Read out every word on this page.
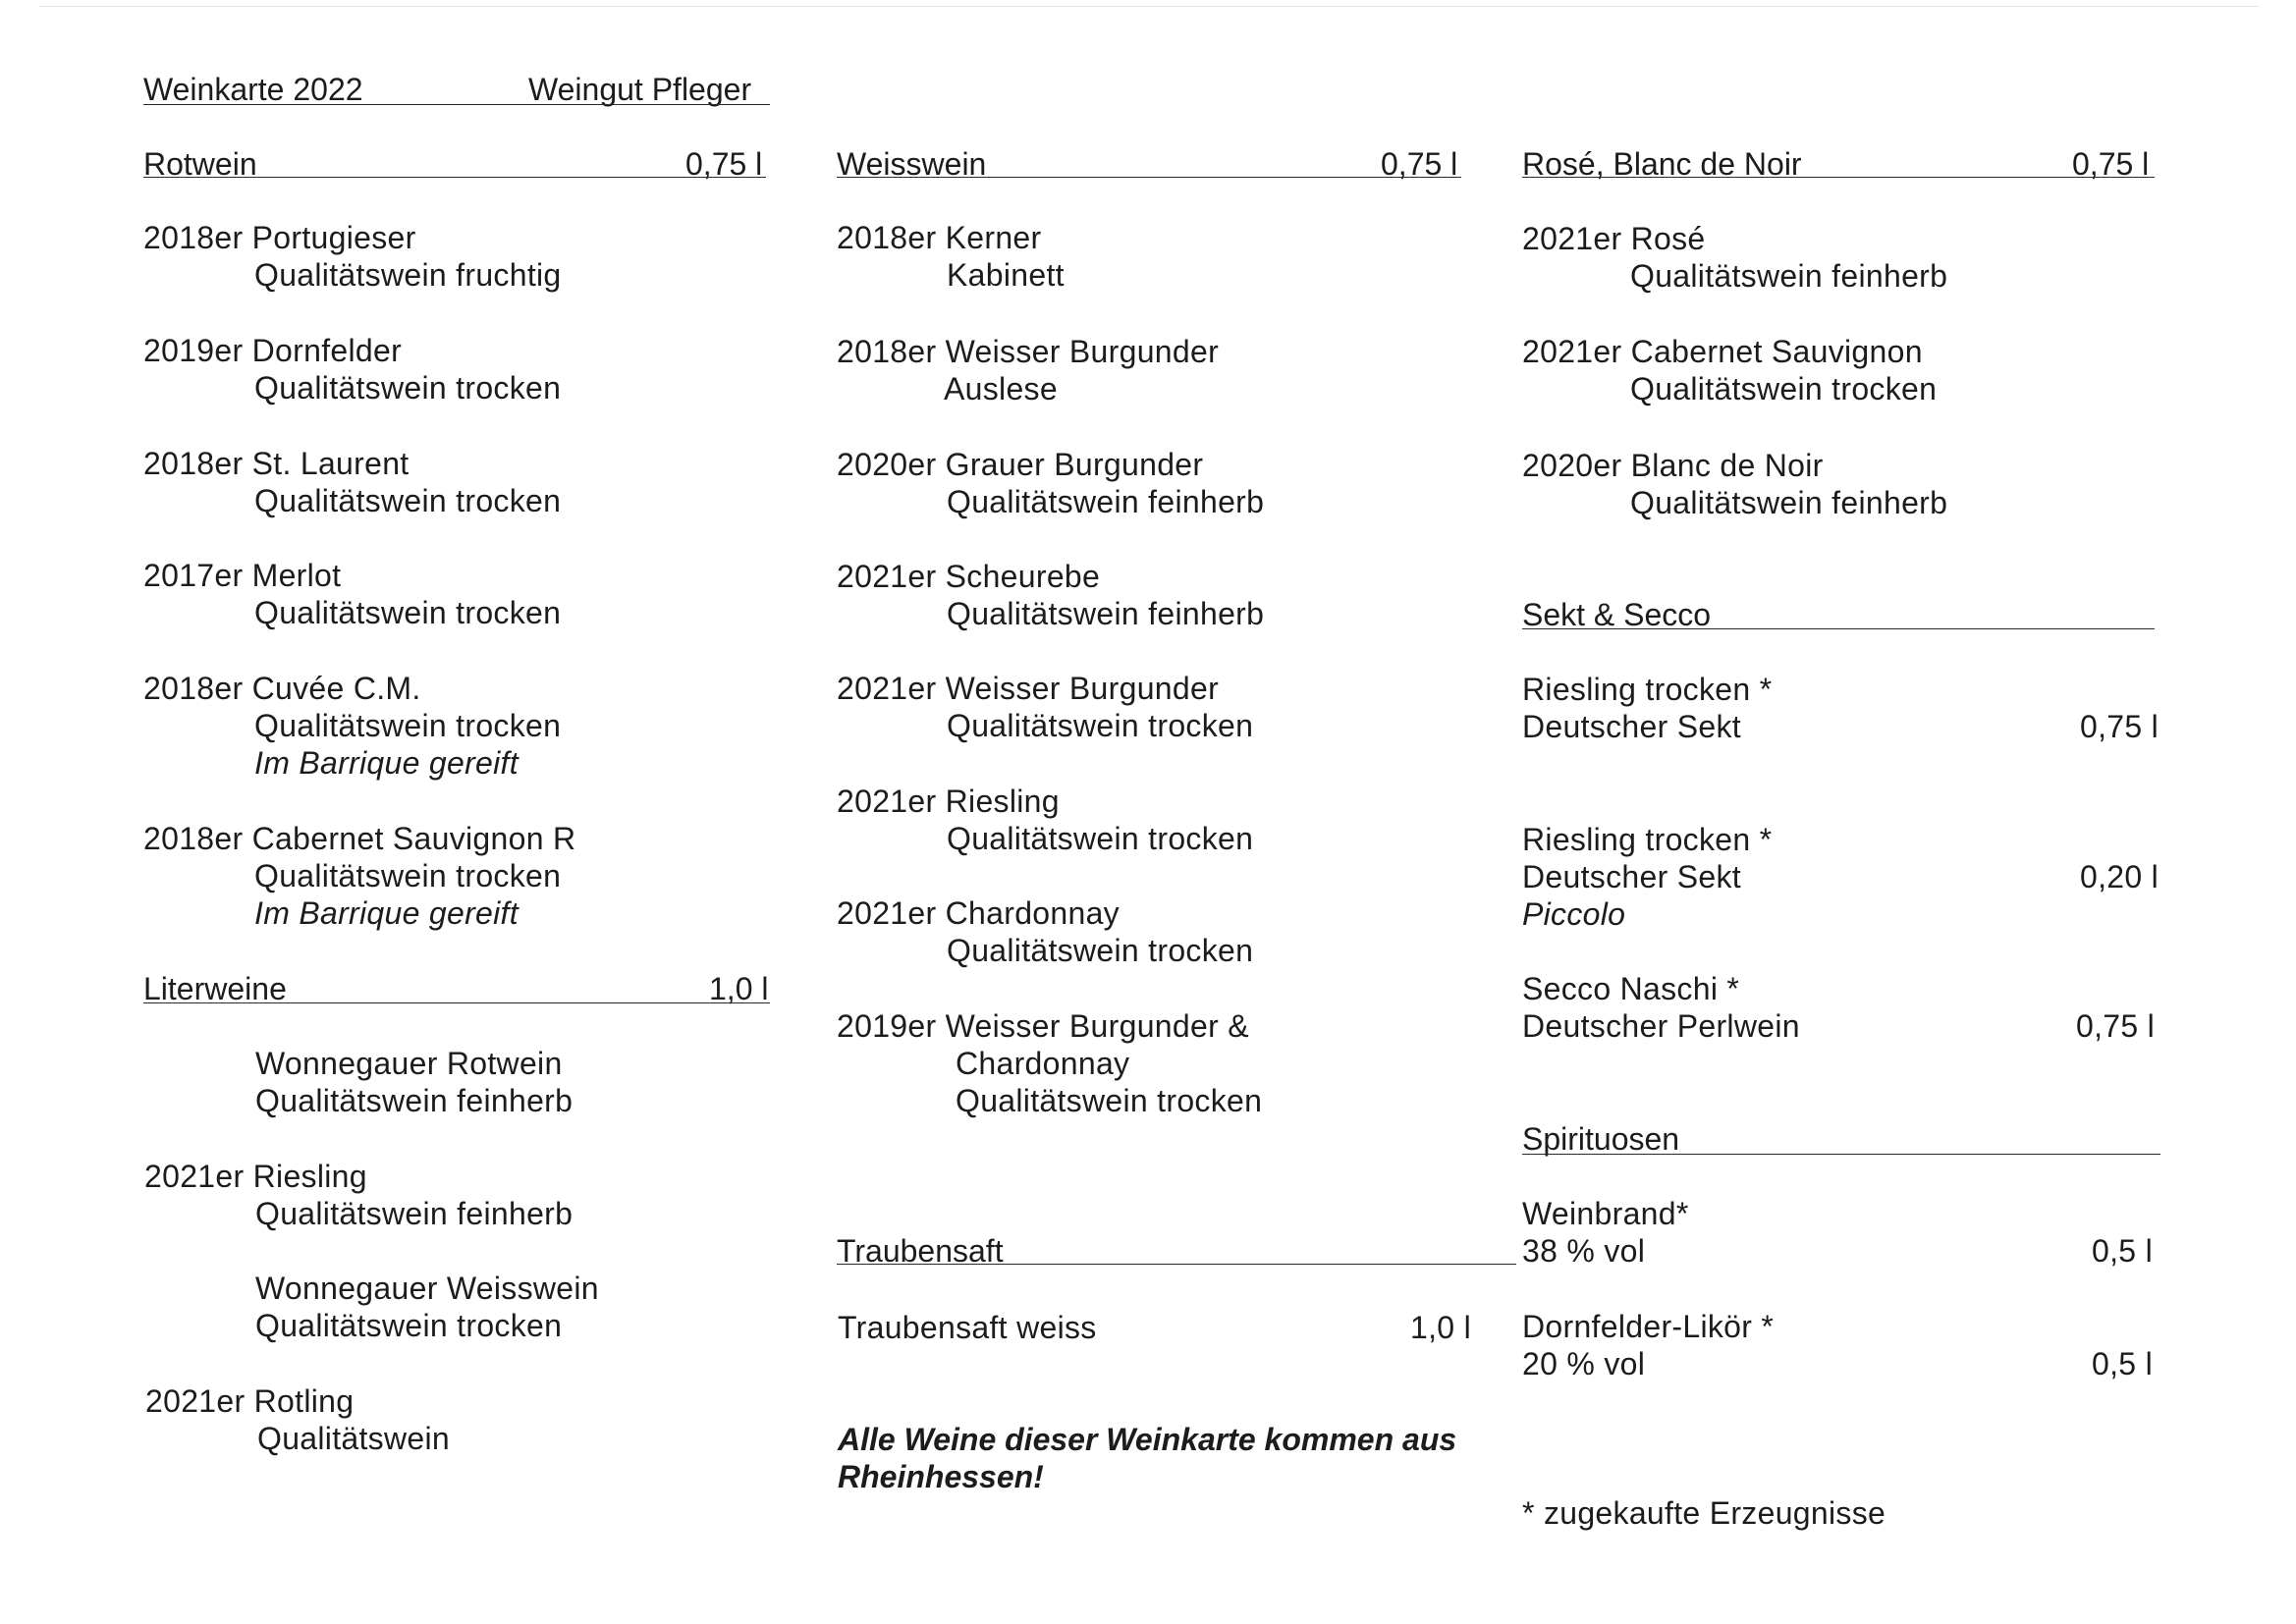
Weinkarte 2022	Weingut Pfleger
Rotwein	0,75 l
2018er Portugieser
Qualitätswein fruchtig
2019er Dornfelder
Qualitätswein trocken
2018er St. Laurent
Qualitätswein trocken
2017er Merlot
Qualitätswein trocken
2018er Cuvée C.M.
Qualitätswein trocken
Im Barrique gereift
2018er Cabernet Sauvignon R
Qualitätswein trocken
Im Barrique gereift
Literweine	1,0 l
Wonnegauer Rotwein
Qualitätswein feinherb
2021er Riesling
Qualitätswein feinherb
Wonnegauer Weisswein
Qualitätswein trocken
2021er Rotling
Qualitätswein
Weisswein	0,75 l
2018er Kerner
Kabinett
2018er Weisser Burgunder
Auslese
2020er Grauer Burgunder
Qualitätswein feinherb
2021er Scheurebe
Qualitätswein feinherb
2021er Weisser Burgunder
Qualitätswein trocken
2021er Riesling
Qualitätswein trocken
2021er Chardonnay
Qualitätswein trocken
2019er Weisser Burgunder &
Chardonnay
Qualitätswein trocken
Traubensaft
Traubensaft weiss	1,0 l
Alle Weine dieser Weinkarte kommen aus
Rheinhessen!
Rosé, Blanc de Noir	0,75 l
2021er Rosé
Qualitätswein feinherb
2021er Cabernet Sauvignon
Qualitätswein trocken
2020er Blanc de Noir
Qualitätswein feinherb
Sekt & Secco
Riesling trocken *
Deutscher Sekt	0,75 l
Riesling trocken *
Deutscher Sekt	0,20 l
Piccolo
Secco Naschi *
Deutscher Perlwein	0,75 l
Spirituosen
Weinbrand*
38 % vol	0,5 l
Dornfelder-Likör *
20 % vol	0,5 l
* zugekaufte Erzeugnisse
